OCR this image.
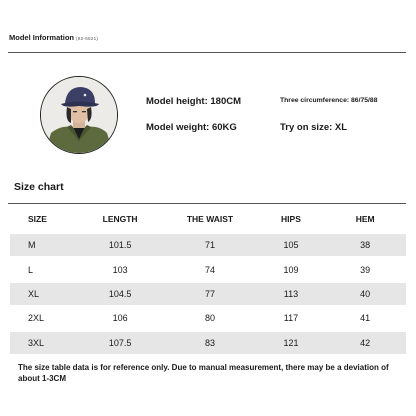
Model Information (92-6521)
Model height: 180CM
Model weight: 60KG
Three circumference: 86/75/88
Try on size: XL
Size chart
SIZE	LENGTH	THE WAIST	HIPS	HEM
M	101.5	71	105	38
L	103	74	109	39
XL	104.5	77	113	40
2XL	106	80	117	41
3XL	107.5	83	121	42
The size table data is for reference only. Due to manual measurement, there may be a deviation of about 1-3CM
